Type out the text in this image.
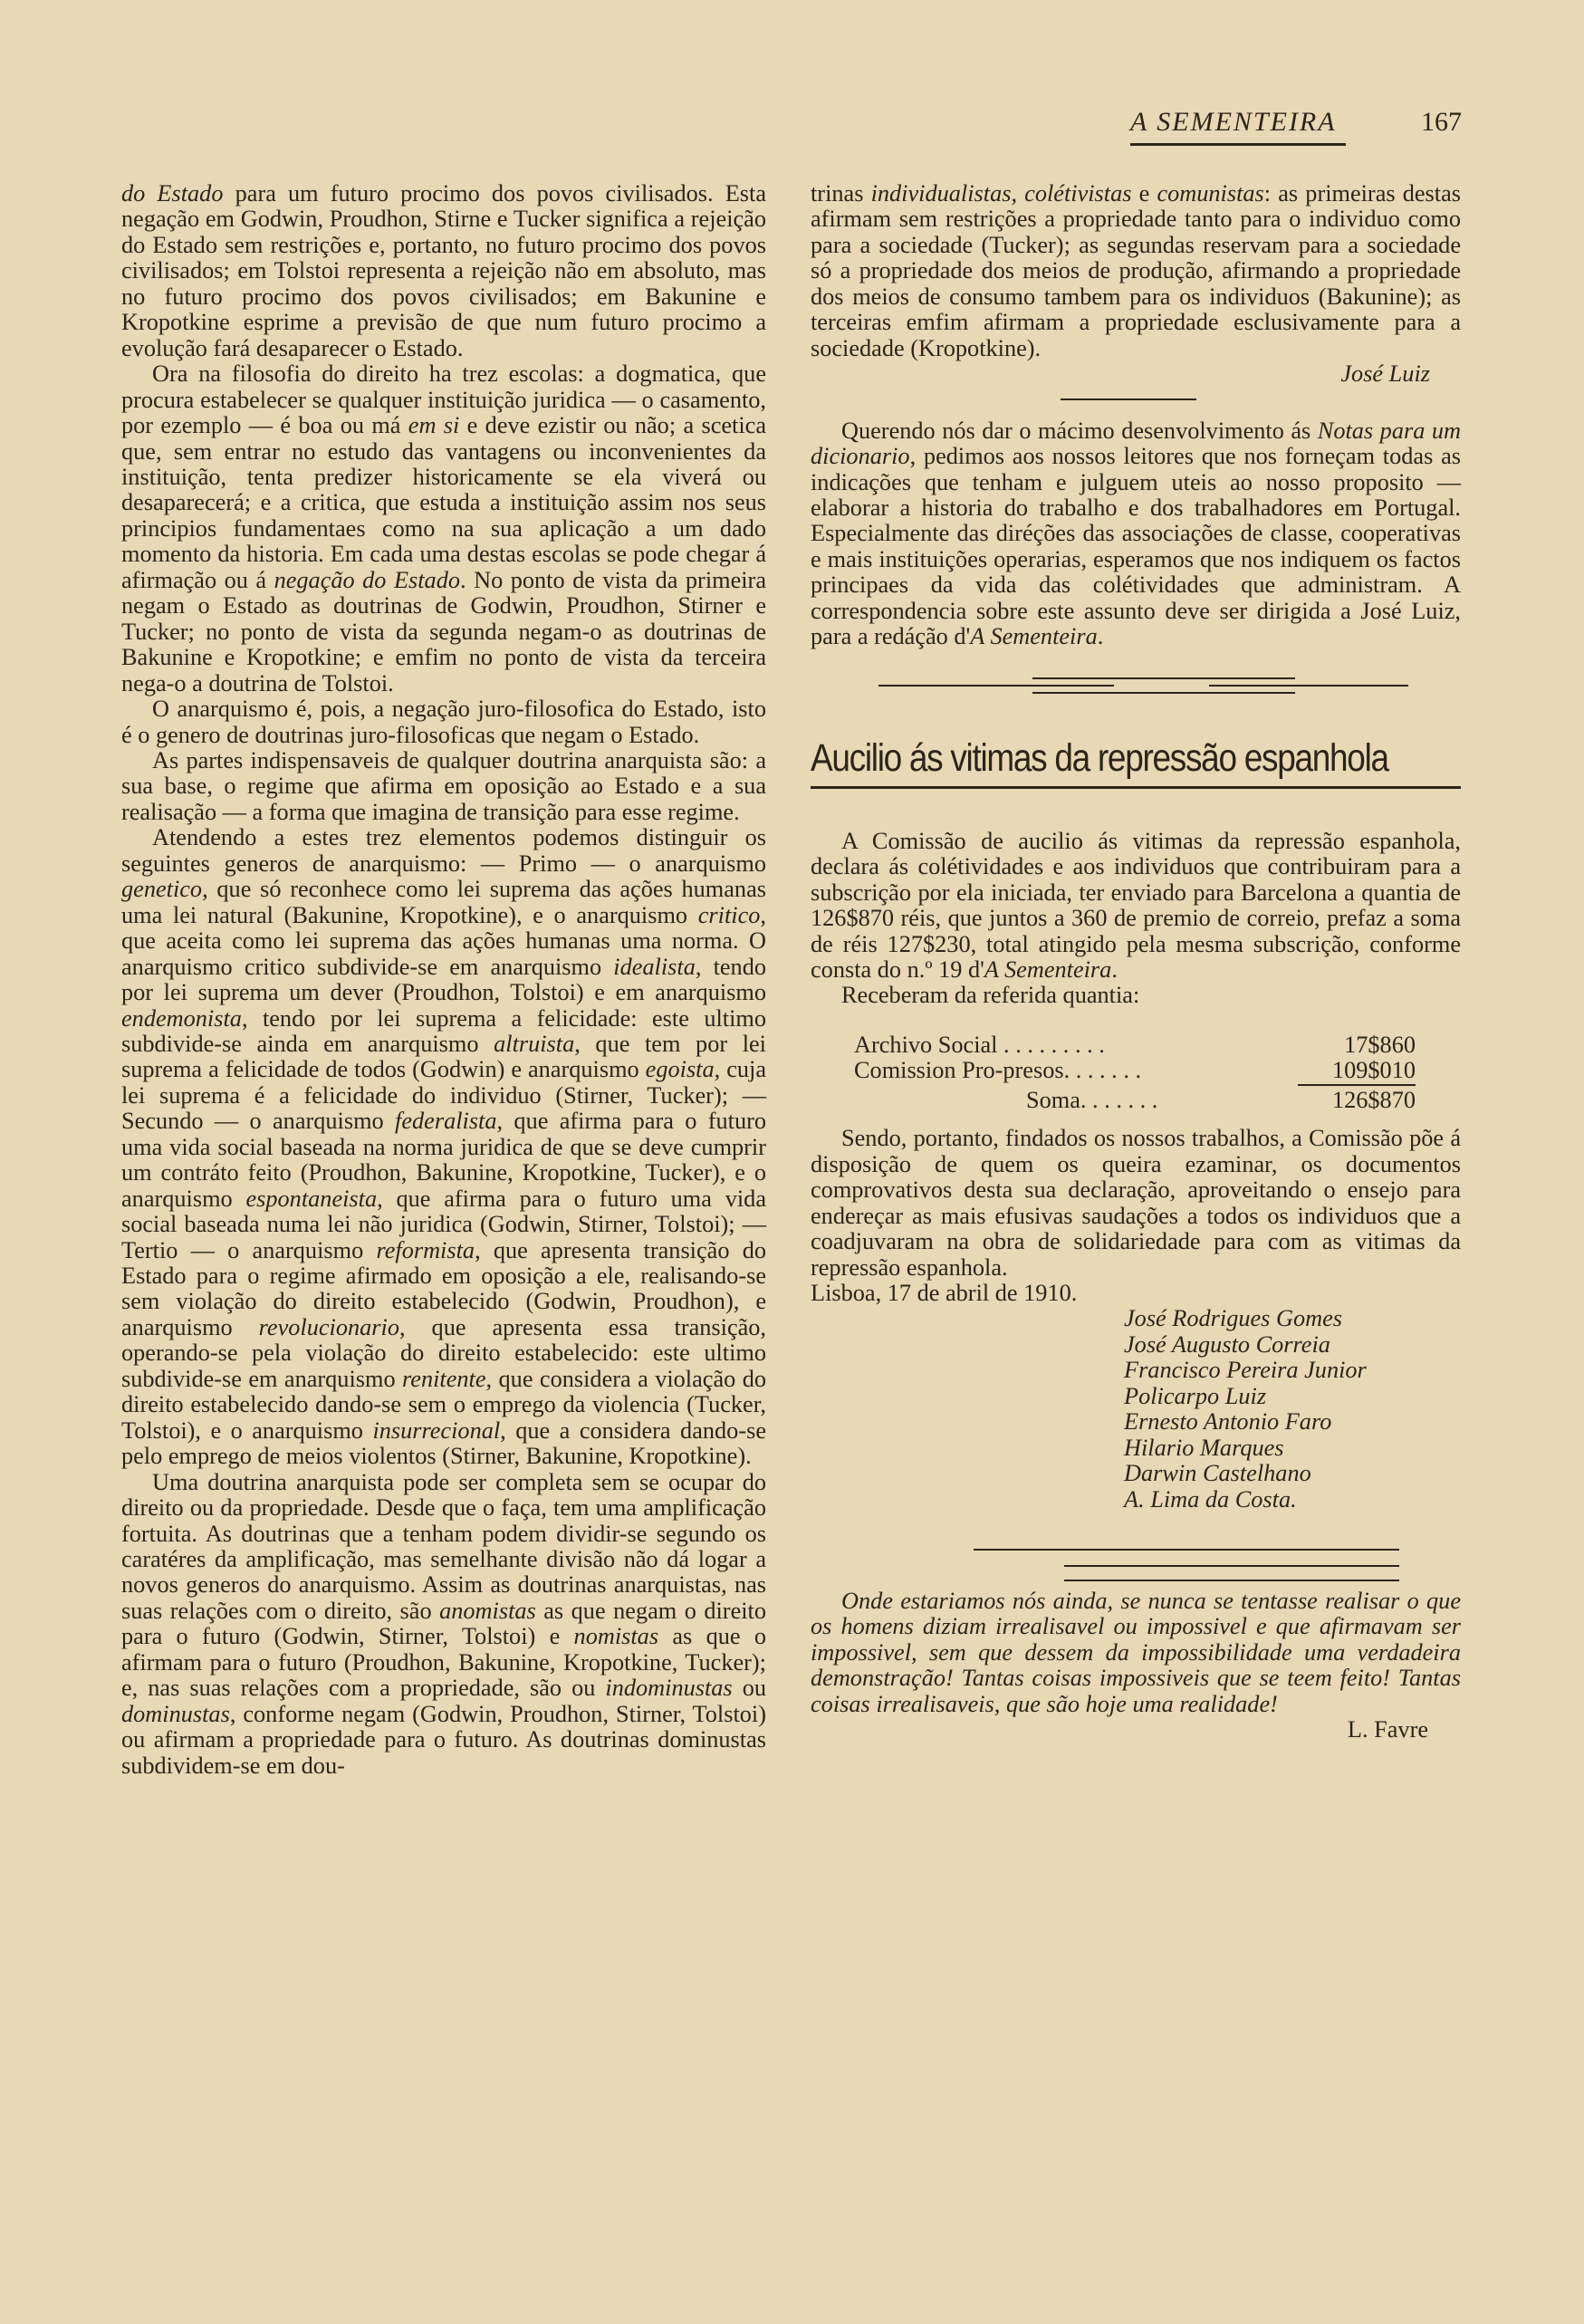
A SEMENTEIRA	167

do Estado para um futuro procimo dos povos civilisados. Esta negação em Godwin, Proudhon, Stirne e Tucker significa a rejeição do Estado sem restrições e, portanto, no futuro procimo dos povos civilisados; em Tolstoi representa a rejeição não em absoluto, mas no futuro procimo dos povos civilisados; em Bakunine e Kropotkine esprime a previsão de que num futuro procimo a evolução fará desaparecer o Estado.

Ora na filosofia do direito ha trez escolas: a dogmatica, que procura estabelecer se qualquer instituição juridica — o casamento, por ezemplo — é boa ou má em si e deve ezistir ou não; a scetica que, sem entrar no estudo das vantagens ou inconvenientes da instituição, tenta predizer historicamente se ela viverá ou desaparecerá; e a critica, que estuda a instituição assim nos seus principios fundamentaes como na sua aplicação a um dado momento da historia. Em cada uma destas escolas se pode chegar á afirmação ou á negação do Estado. No ponto de vista da primeira negam o Estado as doutrinas de Godwin, Proudhon, Stirner e Tucker; no ponto de vista da segunda negam-o as doutrinas de Bakunine e Kropotkine; e emfim no ponto de vista da terceira nega-o a doutrina de Tolstoi.

O anarquismo é, pois, a negação juro-filosofica do Estado, isto é o genero de doutrinas juro-filosoficas que negam o Estado.

As partes indispensaveis de qualquer doutrina anarquista são: a sua base, o regime que afirma em oposição ao Estado e a sua realisação — a forma que imagina de transição para esse regime.

Atendendo a estes trez elementos podemos distinguir os seguintes generos de anarquismo: — Primo — o anarquismo genetico, que só reconhece como lei suprema das ações humanas uma lei natural (Bakunine, Kropotkine), e o anarquismo critico, que aceita como lei suprema das ações humanas uma norma. O anarquismo critico subdivide-se em anarquismo idealista, tendo por lei suprema um dever (Proudhon, Tolstoi) e em anarquismo endemonista, tendo por lei suprema a felicidade: este ultimo subdivide-se ainda em anarquismo altruista, que tem por lei suprema a felicidade de todos (Godwin) e anarquismo egoista, cuja lei suprema é a felicidade do individuo (Stirner, Tucker); — Secundo — o anarquismo federalista, que afirma para o futuro uma vida social baseada na norma juridica de que se deve cumprir um contráto feito (Proudhon, Bakunine, Kropotkine, Tucker), e o anarquismo espontaneista, que afirma para o futuro uma vida social baseada numa lei não juridica (Godwin, Stirner, Tolstoi); — Tertio — o anarquismo reformista, que apresenta transição do Estado para o regime afirmado em oposição a ele, realisando-se sem violação do direito estabelecido (Godwin, Proudhon), e anarquismo revolucionario, que apresenta essa transição, operando-se pela violação do direito estabelecido: este ultimo subdivide-se em anarquismo renitente, que considera a violação do direito estabelecido dando-se sem o emprego da violencia (Tucker, Tolstoi), e o anarquismo insurrecional, que a considera dando-se pelo emprego de meios violentos (Stirner, Bakunine, Kropotkine).

Uma doutrina anarquista pode ser completa sem se ocupar do direito ou da propriedade. Desde que o faça, tem uma amplificação fortuita. As doutrinas que a tenham podem dividir-se segundo os caratéres da amplificação, mas semelhante divisão não dá logar a novos generos do anarquismo. Assim as doutrinas anarquistas, nas suas relações com o direito, são anomistas as que negam o direito para o futuro (Godwin, Stirner, Tolstoi) e nomistas as que o afirmam para o futuro (Proudhon, Bakunine, Kropotkine, Tucker); e, nas suas relações com a propriedade, são ou indominustas ou dominustas, conforme negam (Godwin, Proudhon, Stirner, Tolstoi) ou afirmam a propriedade para o futuro. As doutrinas dominustas subdividem-se em dou-

trinas individualistas, colétivistas e comunistas: as primeiras destas afirmam sem restrições a propriedade tanto para o individuo como para a sociedade (Tucker); as segundas reservam para a sociedade só a propriedade dos meios de produção, afirmando a propriedade dos meios de consumo tambem para os individuos (Bakunine); as terceiras emfim afirmam a propriedade esclusivamente para a sociedade (Kropotkine).

José Luiz

Querendo nós dar o mácimo desenvolvimento ás Notas para um dicionario, pedimos aos nossos leitores que nos forneçam todas as indicações que tenham e julguem uteis ao nosso proposito — elaborar a historia do trabalho e dos trabalhadores em Portugal. Especialmente das diréções das associações de classe, cooperativas e mais instituições operarias, esperamos que nos indiquem os factos principaes da vida das colétividades que administram. A correspondencia sobre este assunto deve ser dirigida a José Luiz, para a redáção d'A Sementeira.

Aucilio ás vitimas da repressão espanhola

A Comissão de aucilio ás vitimas da repressão espanhola, declara ás colétividades e aos individuos que contribuiram para a subscrição por ela iniciada, ter enviado para Barcelona a quantia de 126$870 réis, que juntos a 360 de premio de correio, prefaz a soma de réis 127$230, total atingido pela mesma subscrição, conforme consta do n.º 19 d'A Sementeira.

Receberam da referida quantia:

Archivo Social . . . . . . . . .	17$860
Comission Pro-presos. . . . . . .	109$010
Soma. . . . . . .	126$870

Sendo, portanto, findados os nossos trabalhos, a Comissão põe á disposição de quem os queira ezaminar, os documentos comprovativos desta sua declaração, aproveitando o ensejo para endereçar as mais efusivas saudações a todos os individuos que a coadjuvaram na obra de solidariedade para com as vitimas da repressão espanhola.

Lisboa, 17 de abril de 1910.

José Rodrigues Gomes
José Augusto Correia
Francisco Pereira Junior
Policarpo Luiz
Ernesto Antonio Faro
Hilario Marques
Darwin Castelhano
A. Lima da Costa.

Onde estariamos nós ainda, se nunca se tentasse realisar o que os homens diziam irrealisavel ou impossivel e que afirmavam ser impossivel, sem que dessem da impossibilidade uma verdadeira demonstração! Tantas coisas impossiveis que se teem feito! Tantas coisas irrealisaveis, que são hoje uma realidade!

L. Favre
